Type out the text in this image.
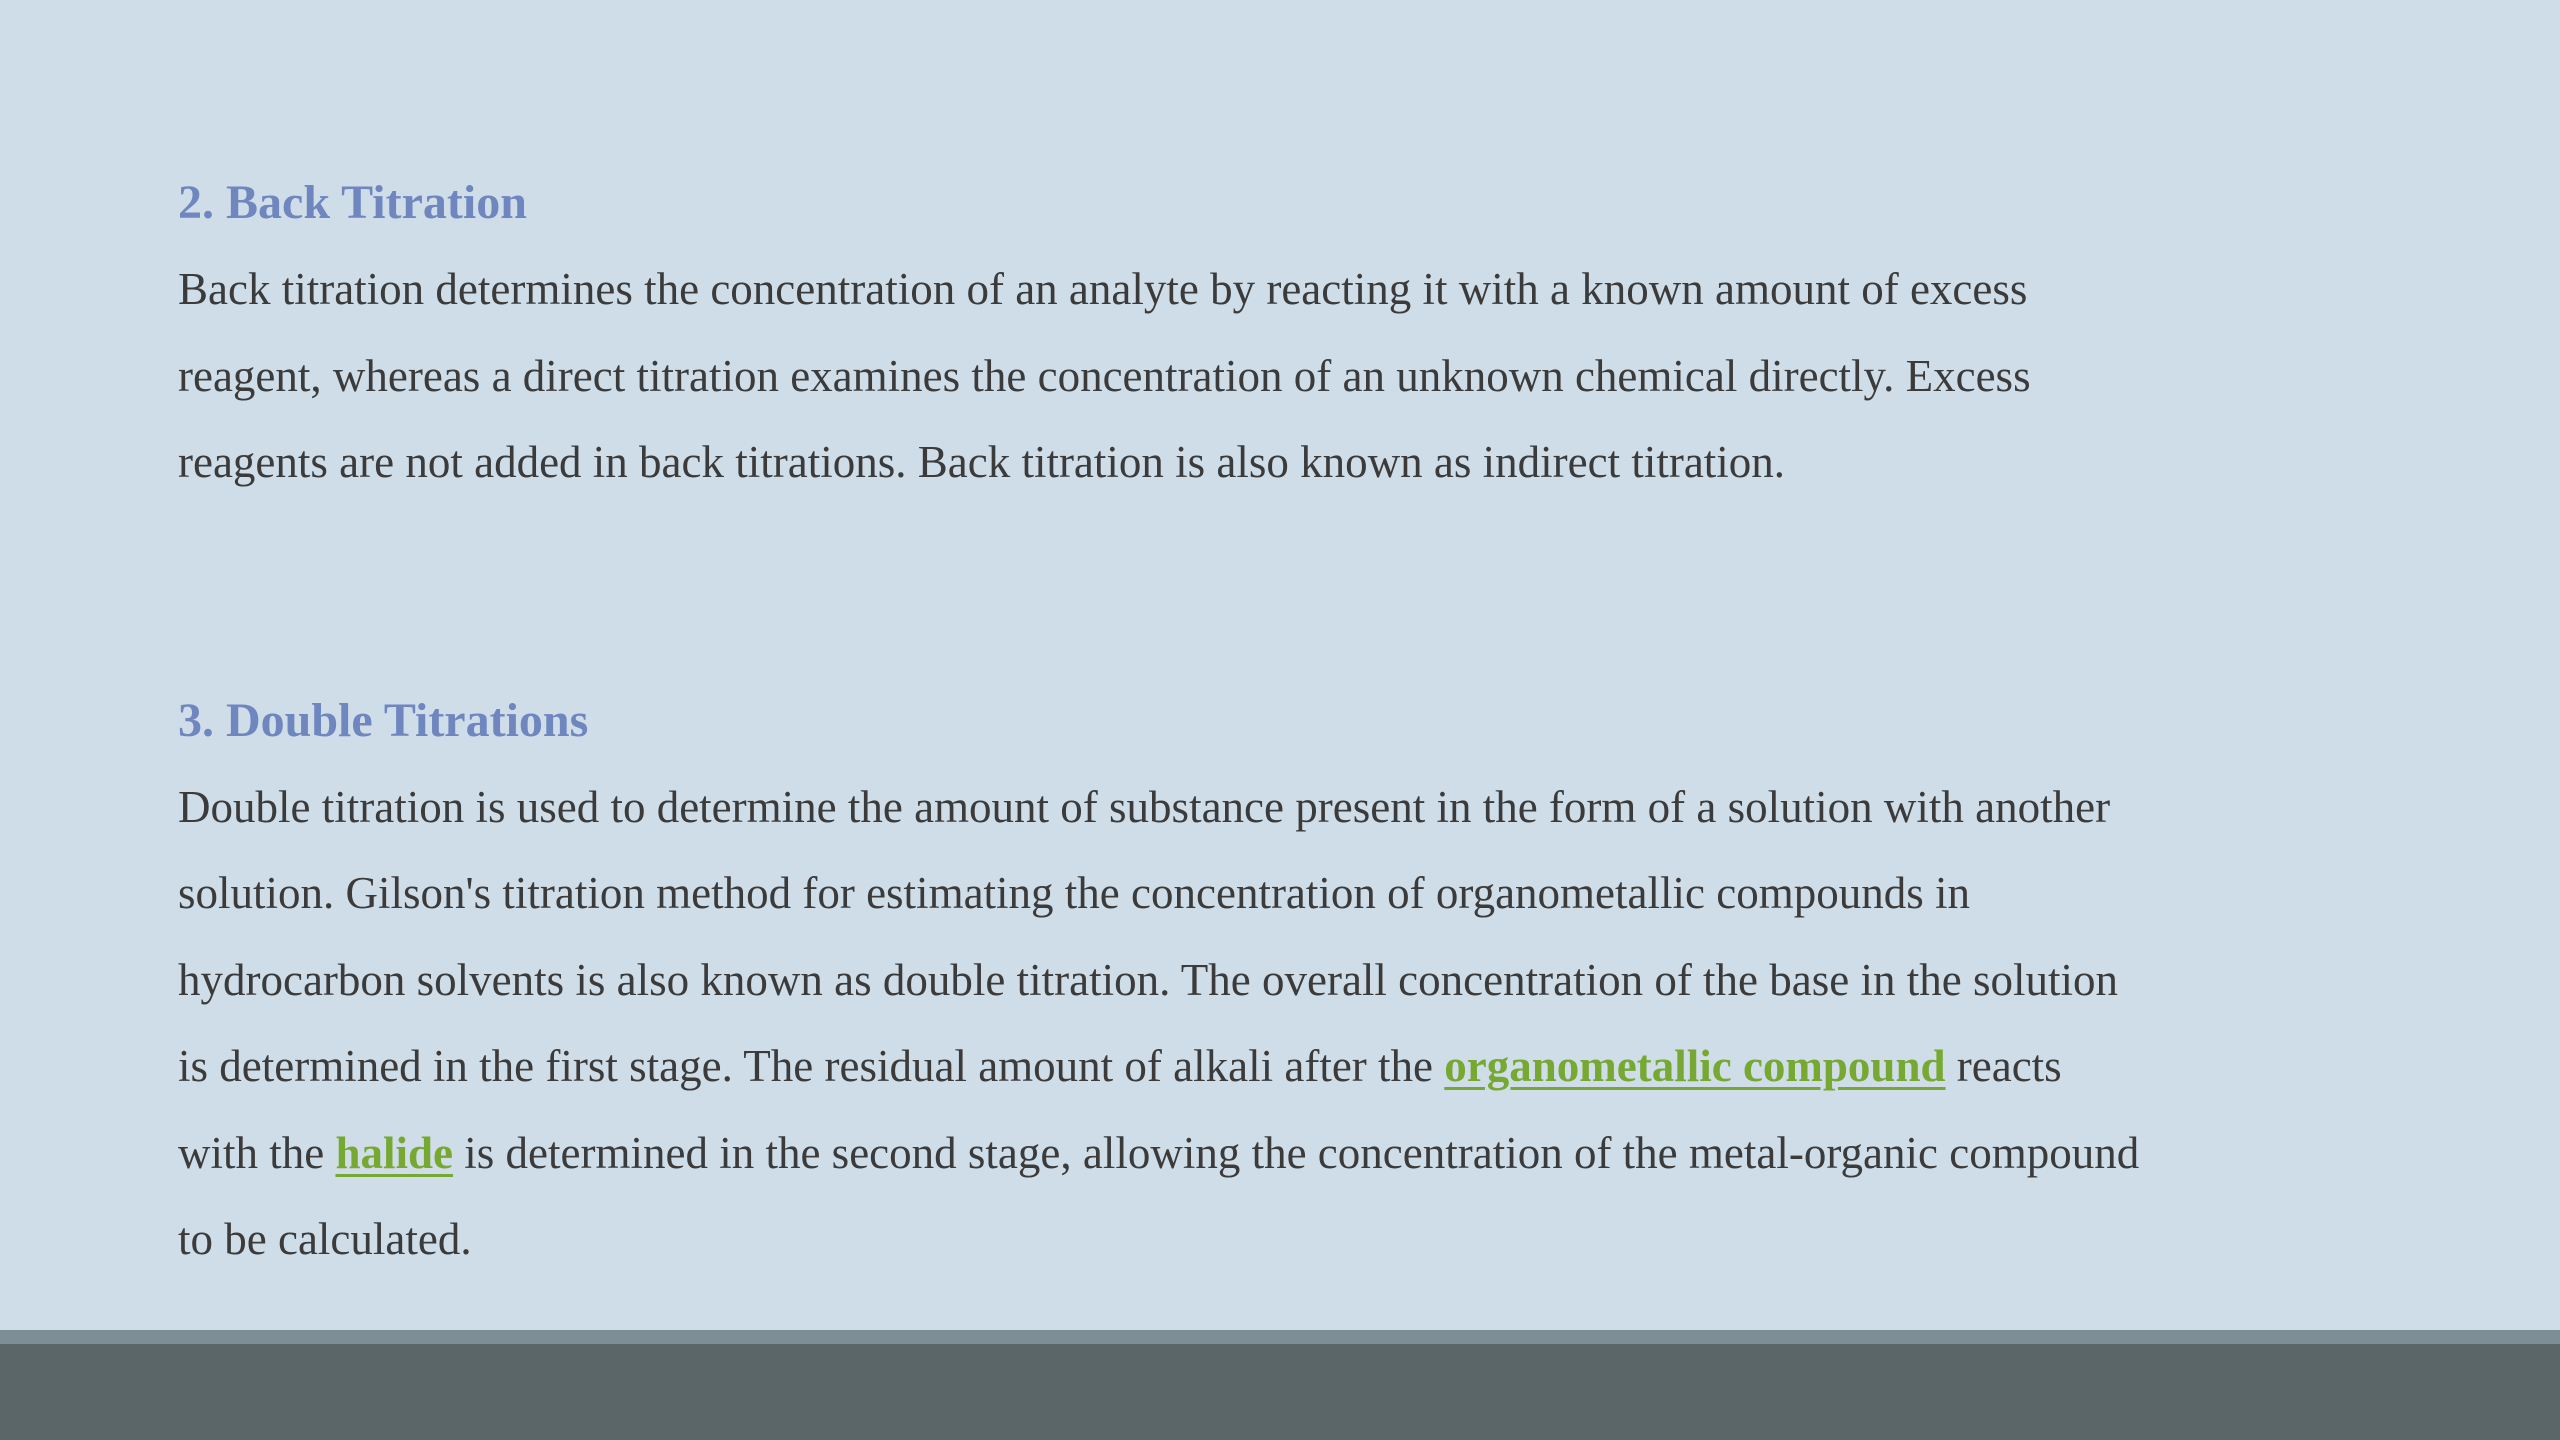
2. Back Titration

Back titration determines the concentration of an analyte by reacting it with a known amount of excess
reagent, whereas a direct titration examines the concentration of an unknown chemical directly. Excess
reagents are not added in back titrations. Back titration is also known as indirect titration.

3. Double Titrations

Double titration is used to determine the amount of substance present in the form of a solution with another
solution. Gilson's titration method for estimating the concentration of organometallic compounds in
hydrocarbon solvents is also known as double titration. The overall concentration of the base in the solution
is determined in the first stage. The residual amount of alkali after the organometallic compound reacts
with the halide is determined in the second stage, allowing the concentration of the metal-organic compound
to be calculated.
